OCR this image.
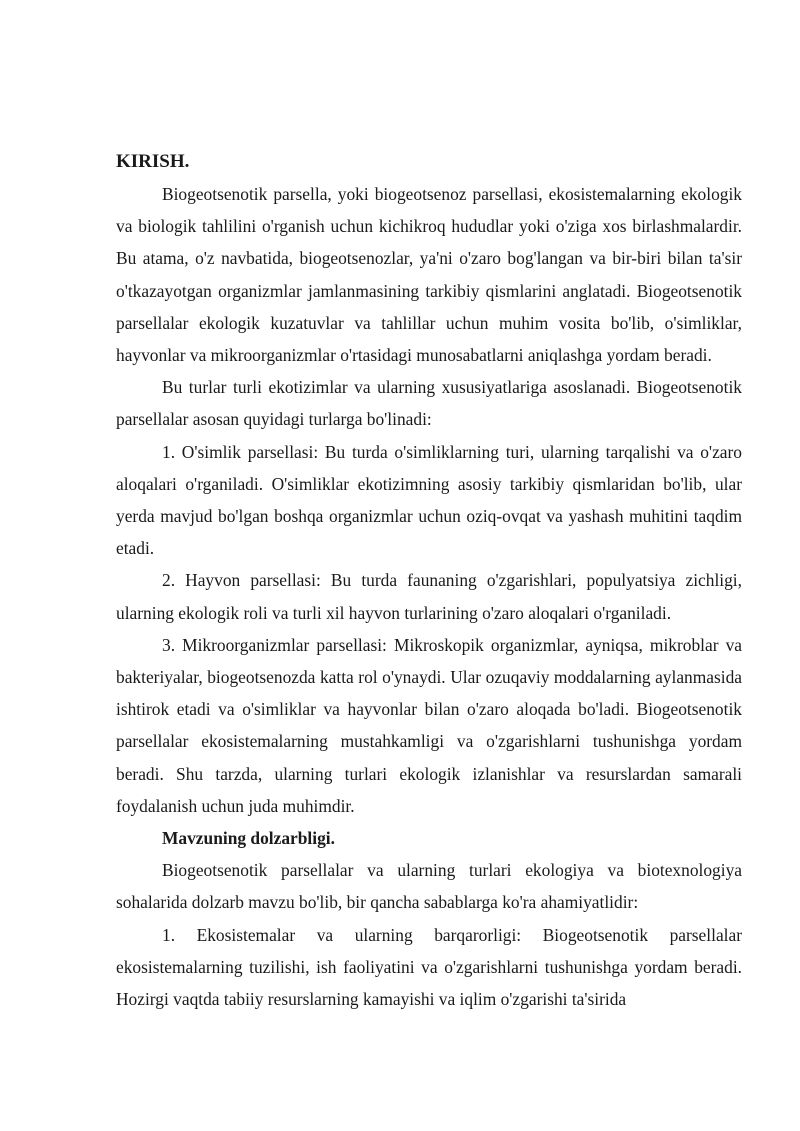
KIRISH.

Biogeotsenotik parsella, yoki biogeotsenoz parsellasi, ekosistemalarning ekologik va biologik tahlilini o'rganish uchun kichikroq hududlar yoki o'ziga xos birlashmalardir. Bu atama, o'z navbatida, biogeotsenozlar, ya'ni o'zaro bog'langan va bir-biri bilan ta'sir o'tkazayotgan organizmlar jamlanmasining tarkibiy qismlarini anglatadi. Biogeotsenotik parsellalar ekologik kuzatuvlar va tahlillar uchun muhim vosita bo'lib, o'simliklar, hayvonlar va mikroorganizmlar o'rtasidagi munosabatlarni aniqlashga yordam beradi.

Bu turlar turli ekotizimlar va ularning xususiyatlariga asoslanadi. Biogeotsenotik parsellalar asosan quyidagi turlarga bo'linadi:

1. O'simlik parsellasi: Bu turda o'simliklarning turi, ularning tarqalishi va o'zaro aloqalari o'rganiladi. O'simliklar ekotizimning asosiy tarkibiy qismlaridan bo'lib, ular yerda mavjud bo'lgan boshqa organizmlar uchun oziq-ovqat va yashash muhitini taqdim etadi.

2. Hayvon parsellasi: Bu turda faunaning o'zgarishlari, populyatsiya zichligi, ularning ekologik roli va turli xil hayvon turlarining o'zaro aloqalari o'rganiladi.

3. Mikroorganizmlar parsellasi: Mikroskopik organizmlar, ayniqsa, mikroblar va bakteriyalar, biogeotsenozda katta rol o'ynaydi. Ular ozuqaviy moddalarning aylanmasida ishtirok etadi va o'simliklar va hayvonlar bilan o'zaro aloqada bo'ladi. Biogeotsenotik parsellalar ekosistemalarning mustahkamligi va o'zgarishlarni tushunishga yordam beradi. Shu tarzda, ularning turlari ekologik izlanishlar va resurslardan samarali foydalanish uchun juda muhimdir.

Mavzuning dolzarbligi.

Biogeotsenotik parsellalar va ularning turlari ekologiya va biotexnologiya sohalarida dolzarb mavzu bo'lib, bir qancha sabablarga ko'ra ahamiyatlidir:

1. Ekosistemalar va ularning barqarorligi: Biogeotsenotik parsellalar ekosistemalarning tuzilishi, ish faoliyatini va o'zgarishlarni tushunishga yordam beradi. Hozirgi vaqtda tabiiy resurslarning kamayishi va iqlim o'zgarishi ta'sirida
